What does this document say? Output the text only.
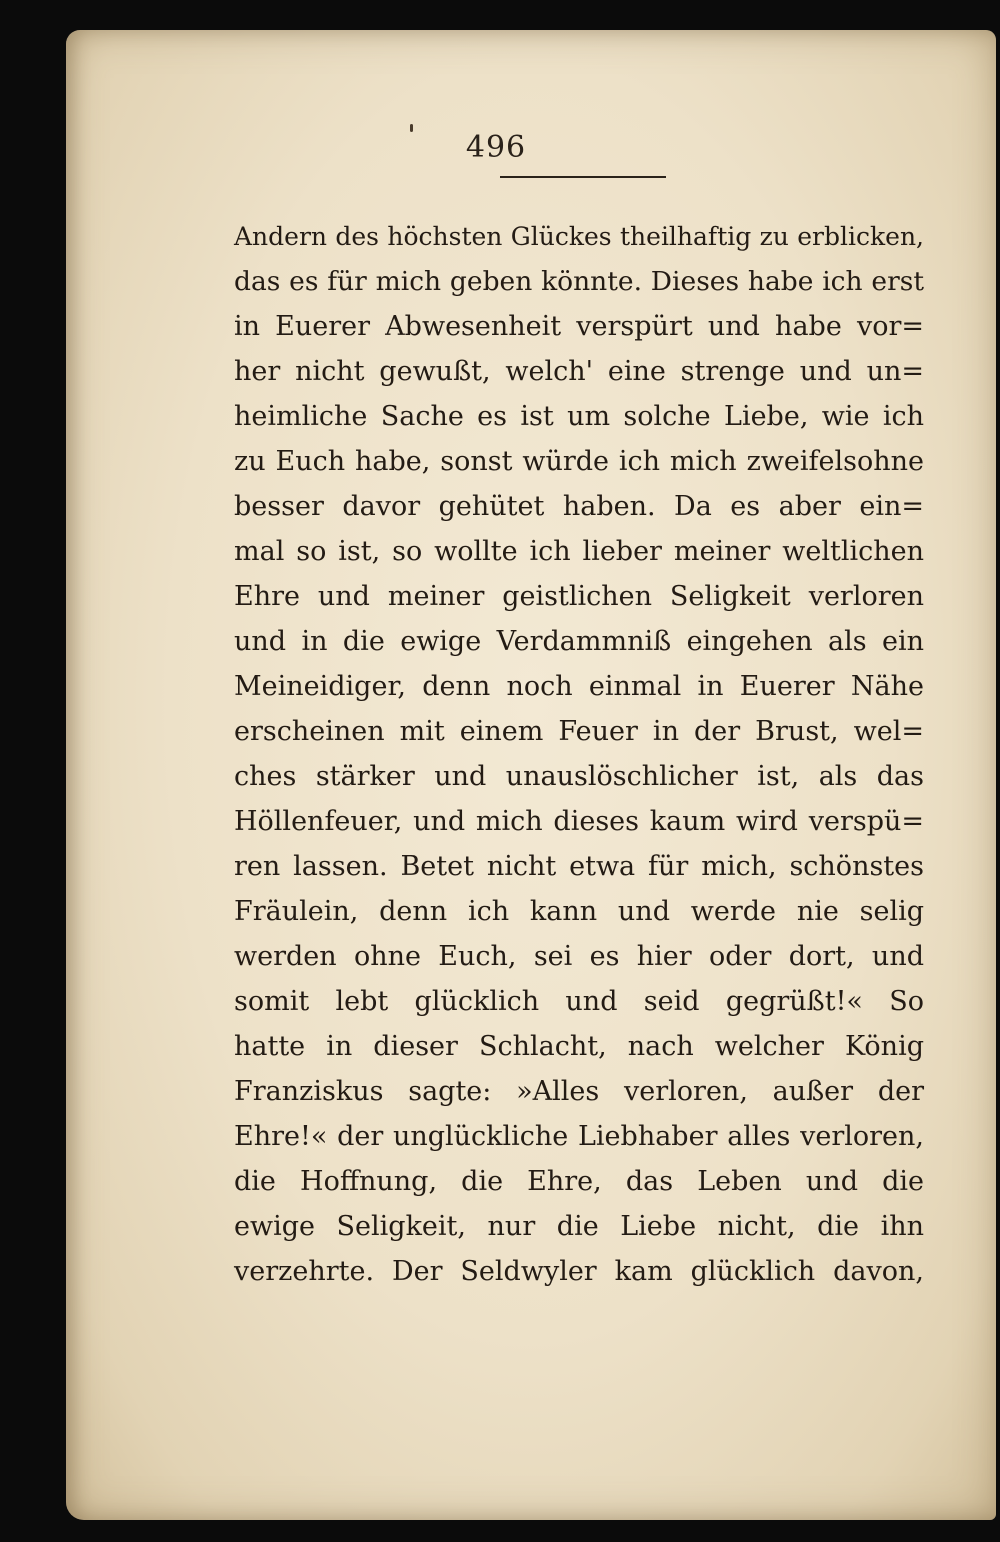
496
Andern des höchsten Glückes theilhaftig zu erblicken,
das es für mich geben könnte. Dieses habe ich erst
in Euerer Abwesenheit verspürt und habe vor=
her nicht gewußt, welch' eine strenge und un=
heimliche Sache es ist um solche Liebe, wie ich
zu Euch habe, sonst würde ich mich zweifelsohne
besser davor gehütet haben. Da es aber ein=
mal so ist, so wollte ich lieber meiner weltlichen
Ehre und meiner geistlichen Seligkeit verloren
und in die ewige Verdammniß eingehen als ein
Meineidiger, denn noch einmal in Euerer Nähe
erscheinen mit einem Feuer in der Brust, wel=
ches stärker und unauslöschlicher ist, als das
Höllenfeuer, und mich dieses kaum wird verspü=
ren lassen. Betet nicht etwa für mich, schönstes
Fräulein, denn ich kann und werde nie selig
werden ohne Euch, sei es hier oder dort, und
somit lebt glücklich und seid gegrüßt!« So
hatte in dieser Schlacht, nach welcher König
Franziskus sagte: »Alles verloren, außer der
Ehre!« der unglückliche Liebhaber alles verloren,
die Hoffnung, die Ehre, das Leben und die
ewige Seligkeit, nur die Liebe nicht, die ihn
verzehrte. Der Seldwyler kam glücklich davon,
